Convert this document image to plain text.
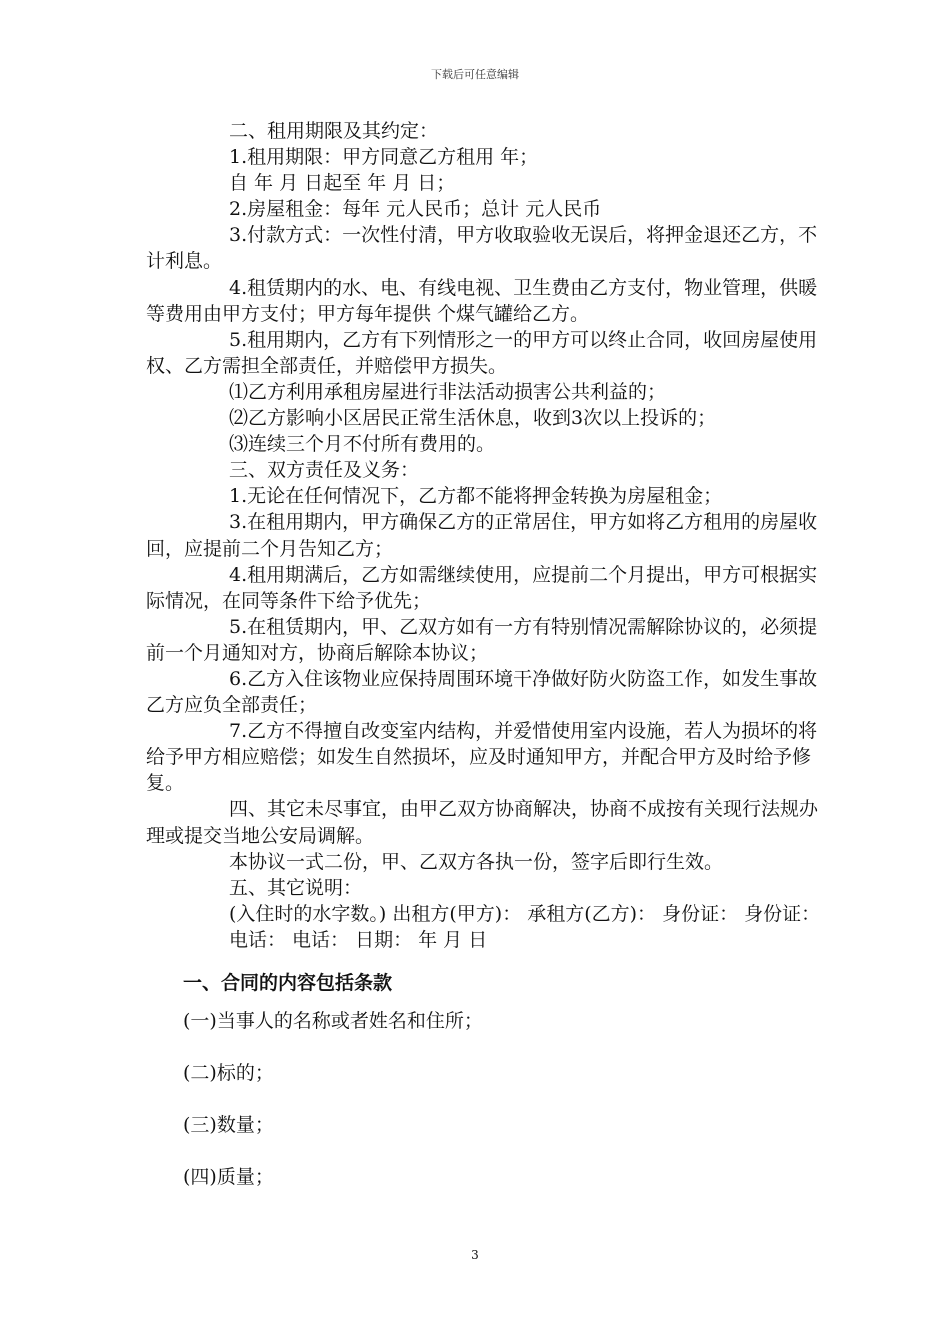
下载后可任意编辑

二、租用期限及其约定：

1.租用期限：甲方同意乙方租用 年；

自 年 月 日起至 年 月 日；

2.房屋租金：每年 元人民币；总计 元人民币

3.付款方式：一次性付清，甲方收取验收无误后，将押金退还乙方，不计利息。

4.租赁期内的水、电、有线电视、卫生费由乙方支付，物业管理，供暖等费用由甲方支付；甲方每年提供 个煤气罐给乙方。

5.租用期内，乙方有下列情形之一的甲方可以终止合同，收回房屋使用权、乙方需担全部责任，并赔偿甲方损失。

⑴乙方利用承租房屋进行非法活动损害公共利益的；

⑵乙方影响小区居民正常生活休息，收到3次以上投诉的；

⑶连续三个月不付所有费用的。

三、双方责任及义务：

1.无论在任何情况下，乙方都不能将押金转换为房屋租金；

3.在租用期内，甲方确保乙方的正常居住，甲方如将乙方租用的房屋收回，应提前二个月告知乙方；

4.租用期满后，乙方如需继续使用，应提前二个月提出，甲方可根据实际情况，在同等条件下给予优先；

5.在租赁期内，甲、乙双方如有一方有特别情况需解除协议的，必须提前一个月通知对方，协商后解除本协议；

6.乙方入住该物业应保持周围环境干净做好防火防盗工作，如发生事故乙方应负全部责任；

7.乙方不得擅自改变室内结构，并爱惜使用室内设施，若人为损坏的将给予甲方相应赔偿；如发生自然损坏，应及时通知甲方，并配合甲方及时给予修复。

四、其它未尽事宜，由甲乙双方协商解决，协商不成按有关现行法规办理或提交当地公安局调解。

本协议一式二份，甲、乙双方各执一份，签字后即行生效。

五、其它说明：

(入住时的水字数。) 出租方(甲方)： 承租方(乙方)： 身份证： 身份证：

电话： 电话： 日期： 年 月 日

一、合同的内容包括条款

(一)当事人的名称或者姓名和住所；

(二)标的；

(三)数量；

(四)质量；

3
